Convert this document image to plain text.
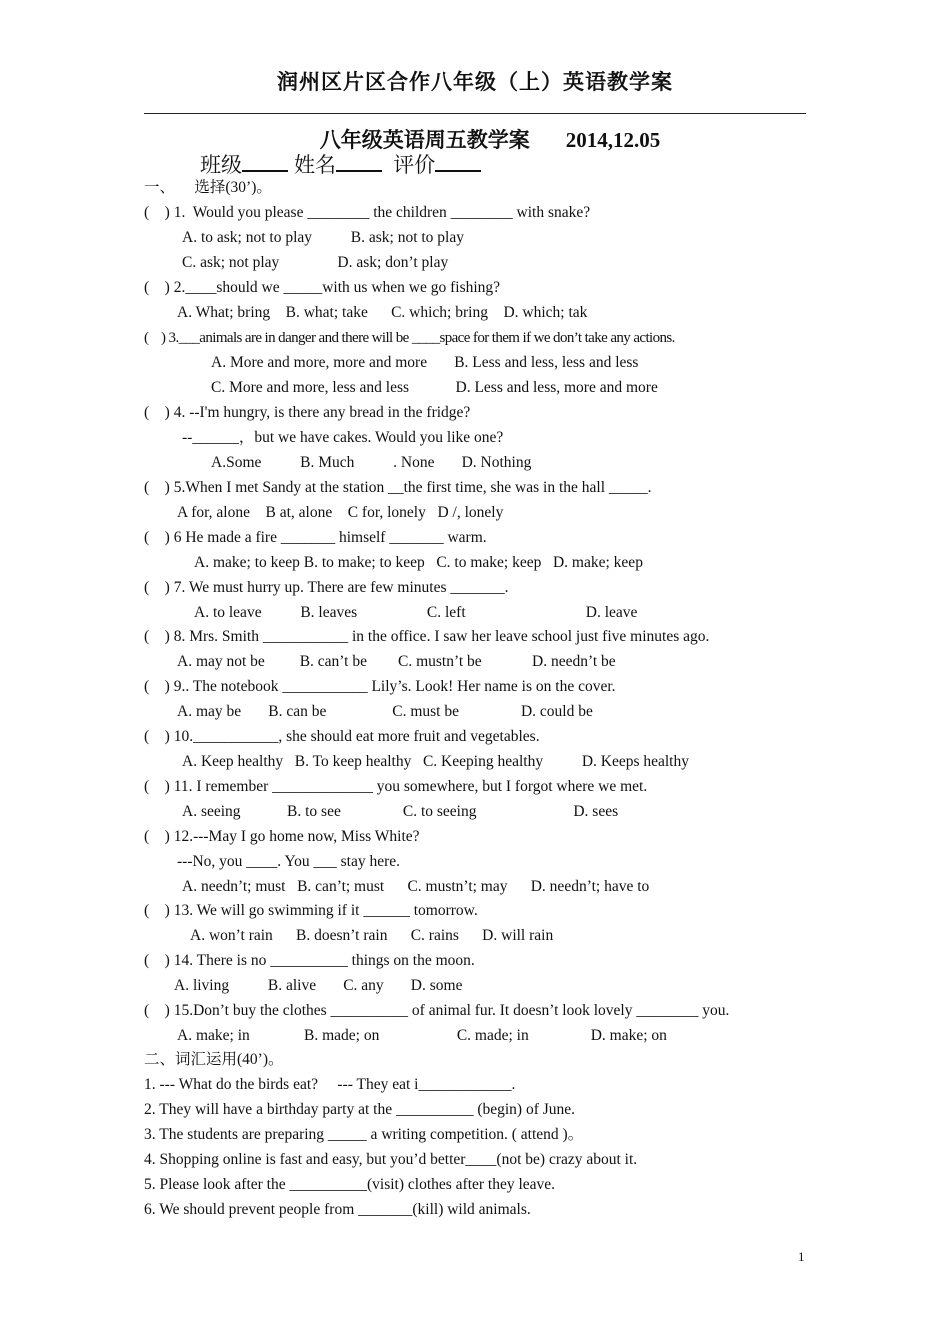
润州区片区合作八年级（上）英语教学案
八年级英语周五教学案 2014,12.05
班级 姓名	评价
一、     选择(30’)。
(    ) 1.  Would you please ________ the children ________ with snake?
A. to ask; not to play          B. ask; not to play
C. ask; not play               D. ask; don’t play
(    ) 2.____should we _____with us when we go fishing?
A. What; bring    B. what; take      C. which; bring    D. which; tak
(    ) 3.___animals are in danger and there will be ____space for them if we don’t take any actions.
A. More and more, more and more       B. Less and less, less and less
C. More and more, less and less            D. Less and less, more and more
(    ) 4. --I'm hungry, is there any bread in the fridge?
--______，but we have cakes. Would you like one?
A.Some          B. Much          . None       D. Nothing
(    ) 5.When I met Sandy at the station __the first time, she was in the hall _____.
A for, alone    B at, alone    C for, lonely   D /, lonely
(    ) 6 He made a fire _______ himself _______ warm.
A. make; to keep B. to make; to keep   C. to make; keep   D. make; keep
(    ) 7. We must hurry up. There are few minutes _______.
A. to leave          B. leaves                  C. left                               D. leave
(    ) 8. Mrs. Smith ___________ in the office. I saw her leave school just five minutes ago.
A. may not be         B. can’t be        C. mustn’t be             D. needn’t be
(    ) 9.. The notebook ___________ Lily’s. Look! Her name is on the cover.
A. may be       B. can be                 C. must be                D. could be
(    ) 10.___________, she should eat more fruit and vegetables.
A. Keep healthy   B. To keep healthy   C. Keeping healthy          D. Keeps healthy
(    ) 11. I remember _____________ you somewhere, but I forgot where we met.
A. seeing            B. to see                C. to seeing                         D. sees
(    ) 12.---May I go home now, Miss White?
---No, you ____. You ___ stay here.
A. needn’t; must   B. can’t; must      C. mustn’t; may      D. needn’t; have to
(    ) 13. We will go swimming if it ______ tomorrow.
A. won’t rain      B. doesn’t rain      C. rains      D. will rain
(    ) 14. There is no __________ things on the moon.
A. living          B. alive       C. any       D. some
(    ) 15.Don’t buy the clothes __________ of animal fur. It doesn’t look lovely ________ you.
A. make; in              B. made; on                    C. made; in                D. make; on
二、词汇运用(40’)。
1. --- What do the birds eat?     --- They eat i____________.
2. They will have a birthday party at the __________ (begin) of June.
3. The students are preparing _____ a writing competition. ( attend )。
4. Shopping online is fast and easy, but you’d better____(not be) crazy about it.
5. Please look after the __________(visit) clothes after they leave.
6. We should prevent people from _______(kill) wild animals.
1
